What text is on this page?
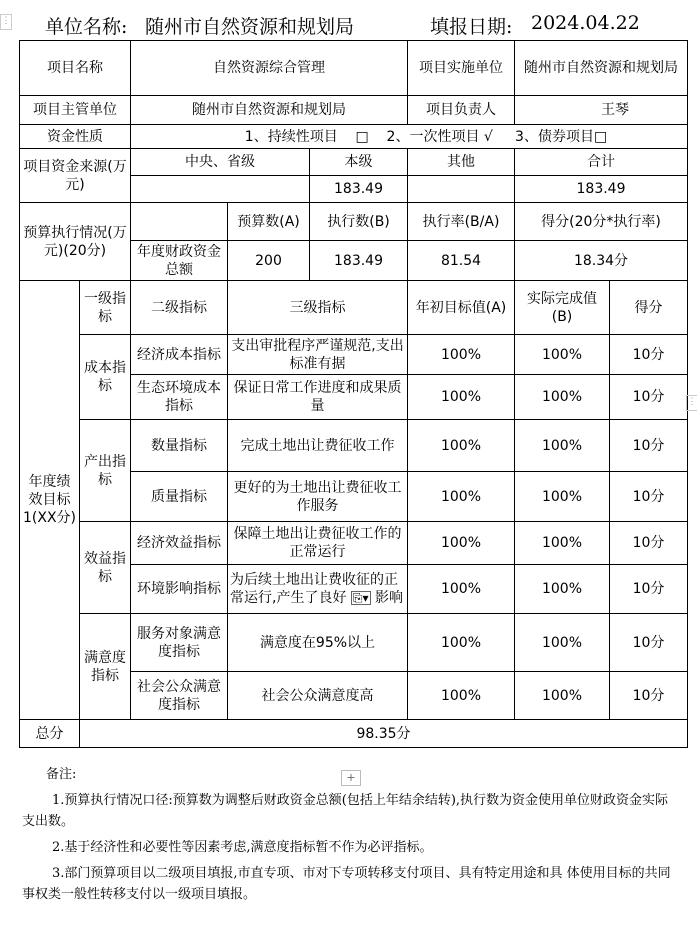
单位名称: 随州市自然资源和规划局	填报日期: 2024.04.22
项目名称		自然资源综合管理			项目实施单位	随州市自然资源和规划局	
项目主管单位		随州市自然资源和规划局			项目负责人	王琴	
资金性质		1、持续性项目    □    2、一次性项目 √     3、债券项目□					
项目资金来源(万元)		中央、省级		本级	其他	合计	
				183.49		183.49	
预算执行情况(万元)(20分)			预算数(A)	执行数(B)	执行率(B/A)	得分(20分*执行率)	
		年度财政资金总额	200	183.49	81.54	18.34分	
年度绩效目标1(XX分)	一级指标	二级指标	三级指标		年初目标值(A)	实际完成值(B)	得分
	成本指标	经济成本指标	支出审批程序严谨规范,支出标准有据		100%	100%	10分
		生态环境成本指标	保证日常工作进度和成果质量		100%	100%	10分
	产出指标	数量指标	完成土地出让费征收工作		100%	100%	10分
		质量指标	更好的为土地出让费征收工作服务		100%	100%	10分
	效益指标	经济效益指标	保障土地出让费征收工作的正常运行		100%	100%	10分
		环境影响指标	为后续土地出让费收征的正常运行,产生了良好 ⎘▾ 影响		100%	100%	10分
	满意度指标	服务对象满意度指标	满意度在95%以上		100%	100%	10分
		社会公众满意度指标	社会公众满意度高		100%	100%	10分
总分	98.35分						
+
⋮
⋮

备注:

1.预算执行情况口径:预算数为调整后财政资金总额(包括上年结余结转),执行数为资金使用单位财政资金实际支出数。

2.基于经济性和必要性等因素考虑,满意度指标暂不作为必评指标。

3.部门预算项目以二级项目填报,市直专项、市对下专项转移支付项目、具有特定用途和具 体使用目标的共同事权类一般性转移支付以一级项目填报。
